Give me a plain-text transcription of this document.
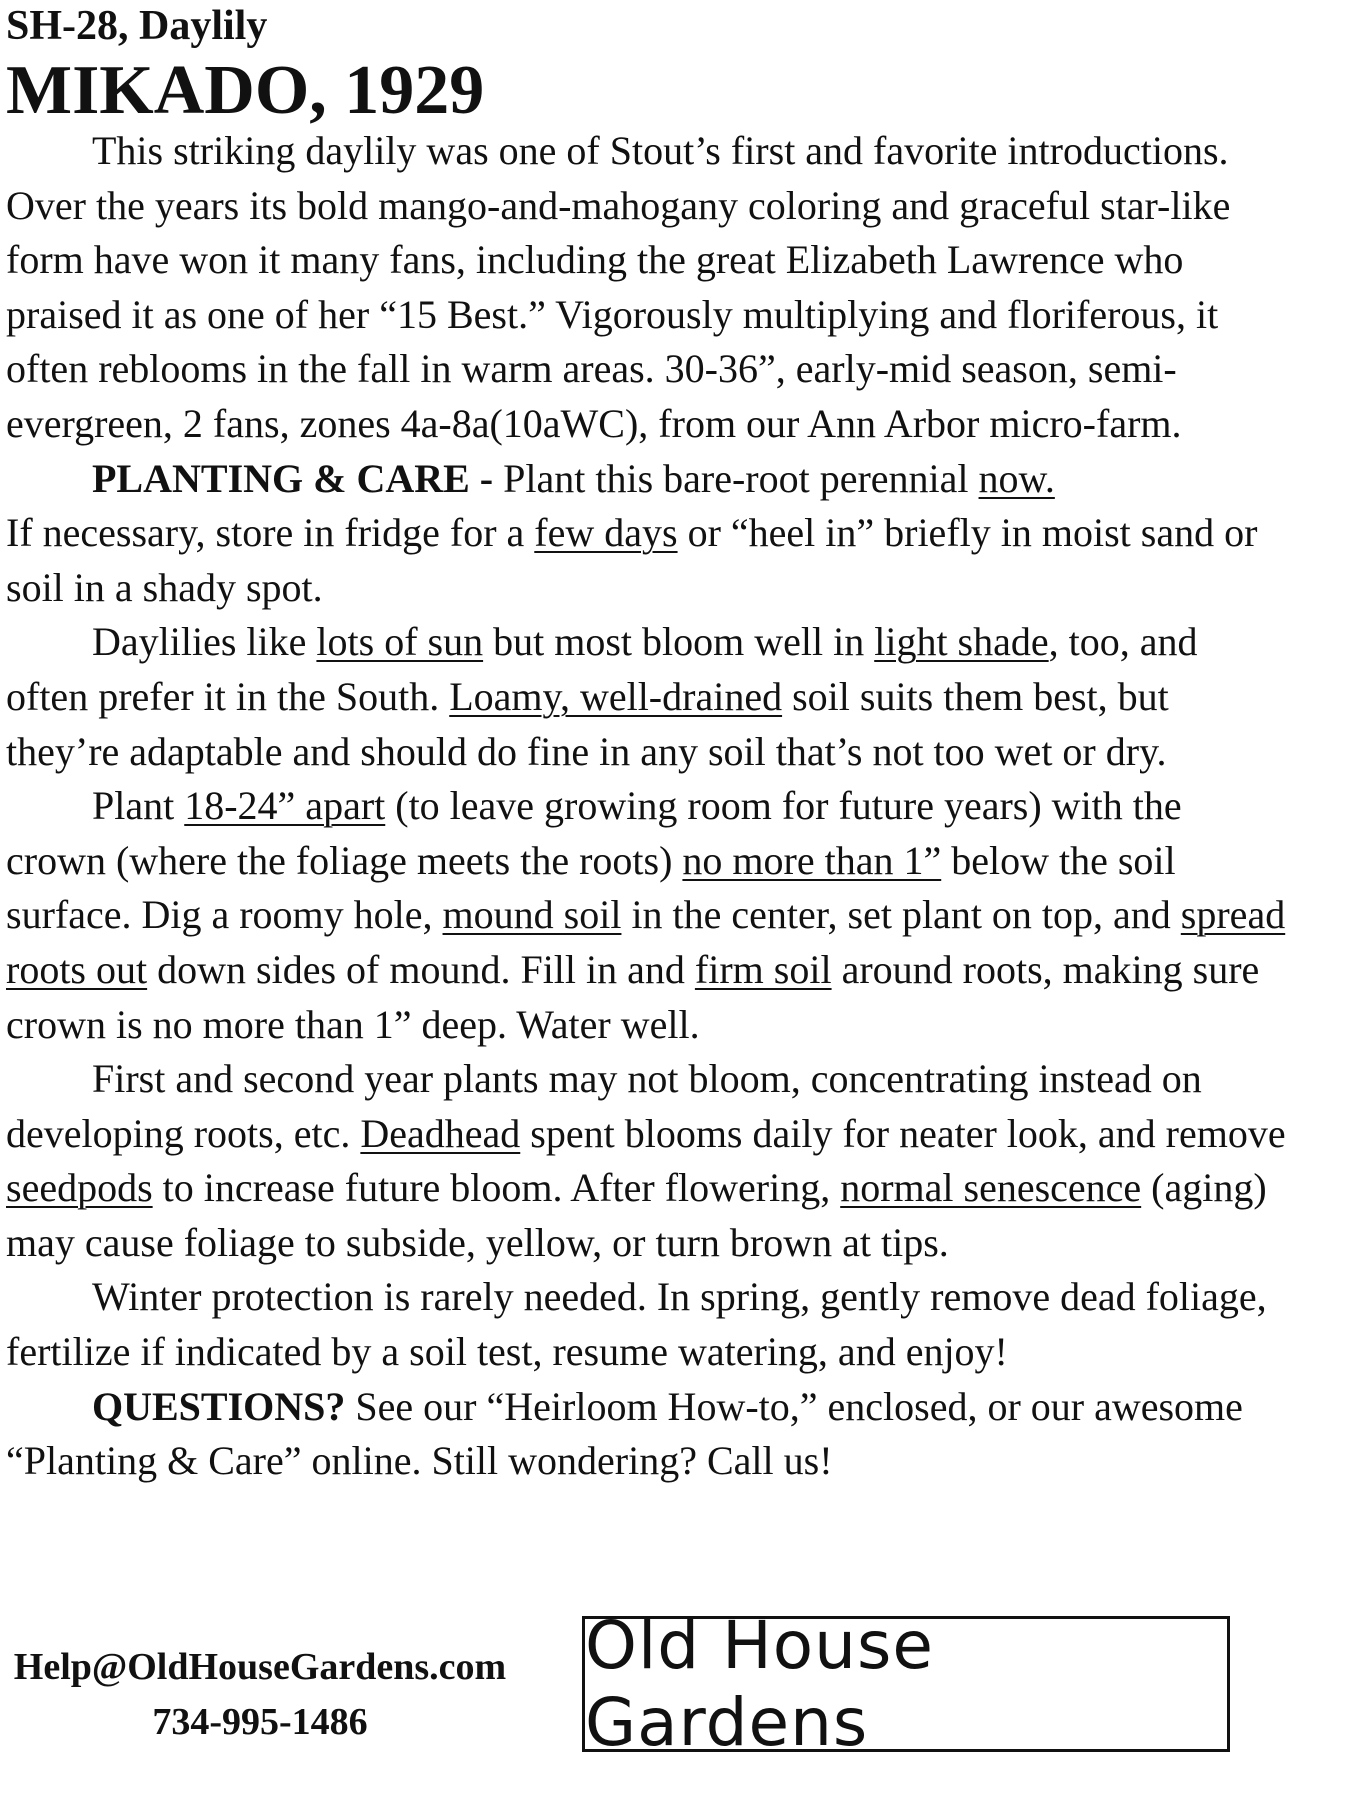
SH-28, Daylily
MIKADO, 1929

This striking daylily was one of Stout’s first and favorite introductions. Over the years its bold mango-and-mahogany coloring and graceful star-like form have won it many fans, including the great Elizabeth Lawrence who praised it as one of her “15 Best.” Vigorously multiplying and floriferous, it often reblooms in the fall in warm areas. 30-36”, early-mid season, semi-evergreen, 2 fans, zones 4a-8a(10aWC), from our Ann Arbor micro-farm.

PLANTING & CARE - Plant this bare-root perennial now.

If necessary, store in fridge for a few days or “heel in” briefly in moist sand or soil in a shady spot.

Daylilies like lots of sun but most bloom well in light shade, too, and often prefer it in the South. Loamy, well-drained soil suits them best, but they’re adaptable and should do fine in any soil that’s not too wet or dry.

Plant 18-24” apart (to leave growing room for future years) with the crown (where the foliage meets the roots) no more than 1” below the soil surface. Dig a roomy hole, mound soil in the center, set plant on top, and spread roots out down sides of mound. Fill in and firm soil around roots, making sure crown is no more than 1” deep. Water well.

First and second year plants may not bloom, concentrating instead on developing roots, etc. Deadhead spent blooms daily for neater look, and remove seedpods to increase future bloom. After flowering, normal senescence (aging) may cause foliage to subside, yellow, or turn brown at tips.

Winter protection is rarely needed. In spring, gently remove dead foliage, fertilize if indicated by a soil test, resume watering, and enjoy!

QUESTIONS? See our “Heirloom How-to,” enclosed, or our awesome “Planting & Care” online. Still wondering? Call us!

Help@OldHouseGardens.com
734-995-1486
Old House Gardens
